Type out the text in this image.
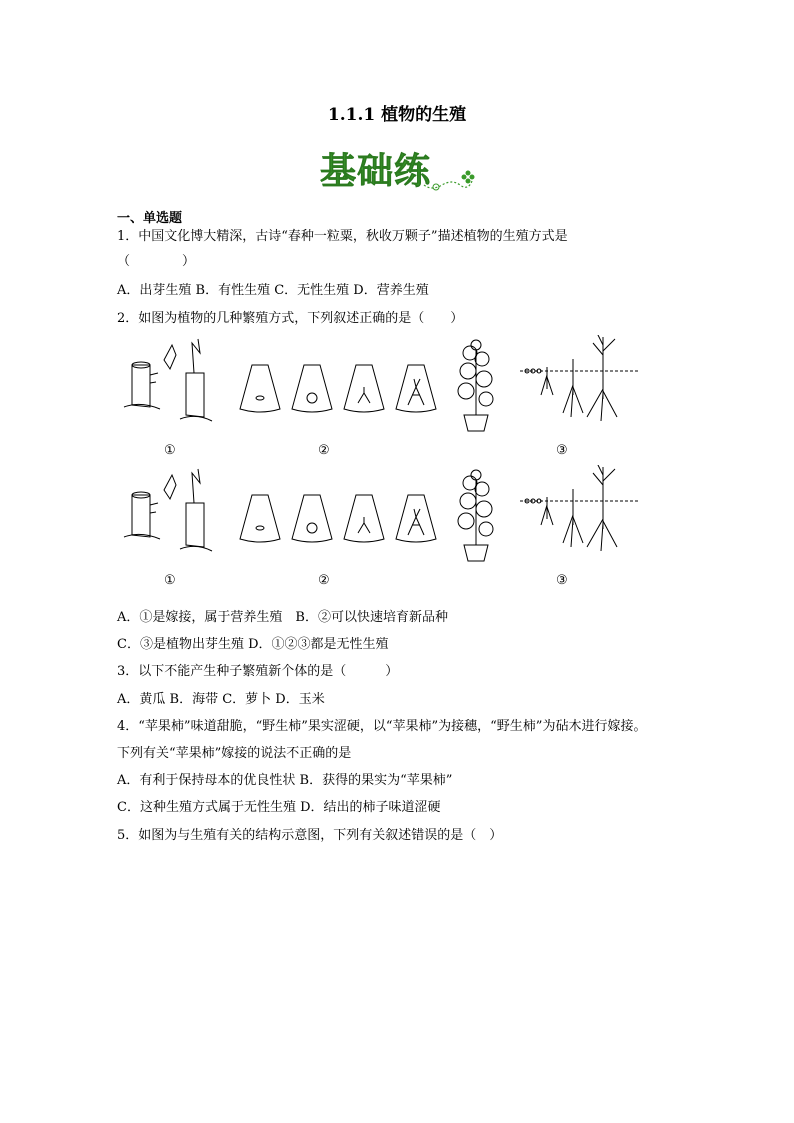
1.1.1 植物的生殖
基础练
一、单选题
1．中国文化博大精深，古诗“春种一粒粟，秋收万颗子”描述植物的生殖方式是
（　　　　）
A．出芽生殖 B．有性生殖 C．无性生殖 D．营养生殖
2．如图为植物的几种繁殖方式，下列叙述正确的是（　　）
①	②	③
①	②	③
A．①是嫁接，属于营养生殖　B．②可以快速培育新品种
C．③是植物出芽生殖 D．①②③都是无性生殖
3．以下不能产生种子繁殖新个体的是（　　　）
A．黄瓜 B．海带 C．萝卜 D．玉米
4．“苹果柿”味道甜脆，“野生柿”果实涩硬，以“苹果柿”为接穗，“野生柿”为砧木进行嫁接。
下列有关“苹果柿”嫁接的说法不正确的是
A．有利于保持母本的优良性状 B．获得的果实为“苹果柿”
C．这种生殖方式属于无性生殖 D．结出的柿子味道涩硬
5．如图为与生殖有关的结构示意图，下列有关叙述错误的是（　）
